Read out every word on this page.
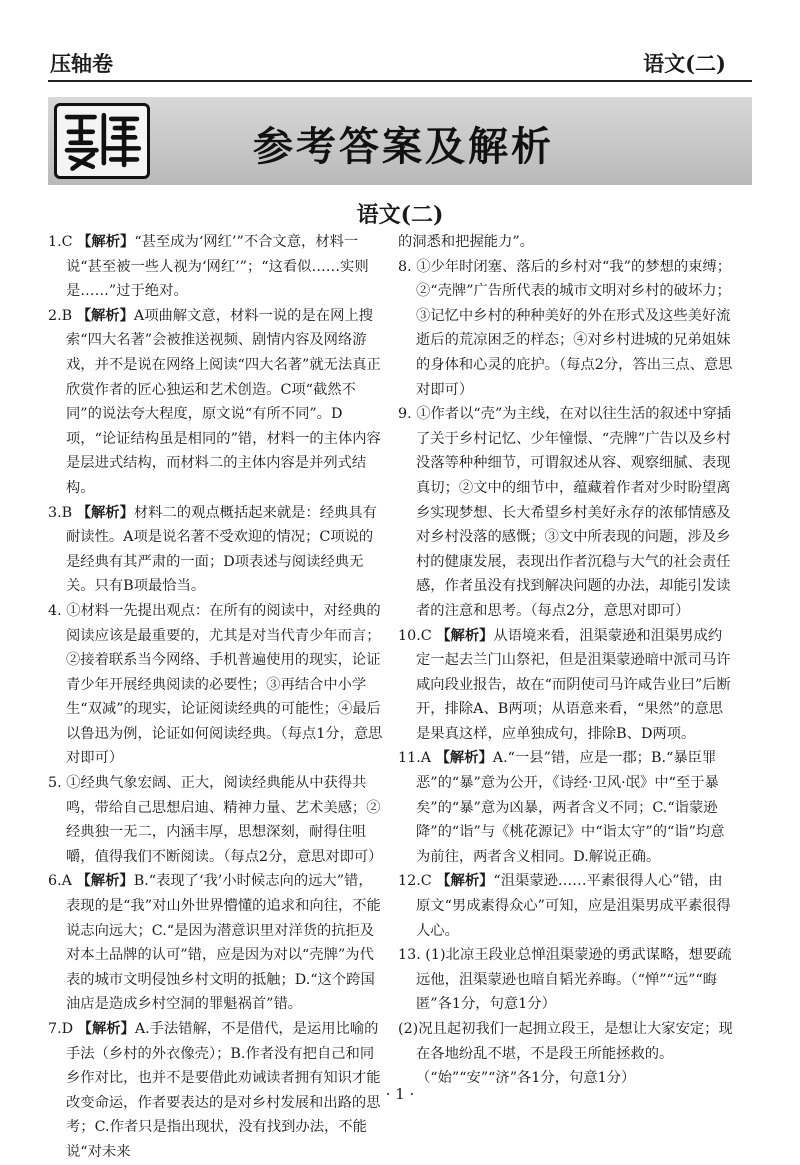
压轴卷	语文(二)
参考答案及解析
语文(二)

1.C 【解析】“甚至成为‘网红’”不合文意，材料一说“甚至被一些人视为‘网红’”；“这看似……实则是……”过于绝对。

2.B 【解析】A项曲解文意，材料一说的是在网上搜索“四大名著”会被推送视频、剧情内容及网络游戏，并不是说在网络上阅读“四大名著”就无法真正欣赏作者的匠心独运和艺术创造。C项“截然不同”的说法夸大程度，原文说“有所不同”。D项，“论证结构虽是相同的”错，材料一的主体内容是层进式结构，而材料二的主体内容是并列式结构。

3.B 【解析】材料二的观点概括起来就是：经典具有耐读性。A项是说名著不受欢迎的情况；C项说的是经典有其严肃的一面；D项表述与阅读经典无关。只有B项最恰当。

4. ①材料一先提出观点：在所有的阅读中，对经典的阅读应该是最重要的，尤其是对当代青少年而言；②接着联系当今网络、手机普遍使用的现实，论证青少年开展经典阅读的必要性；③再结合中小学生“双减”的现实，论证阅读经典的可能性；④最后以鲁迅为例，论证如何阅读经典。（每点1分，意思对即可）

5. ①经典气象宏阔、正大，阅读经典能从中获得共鸣，带给自己思想启迪、精神力量、艺术美感；②经典独一无二，内涵丰厚，思想深刻，耐得住咀嚼，值得我们不断阅读。（每点2分，意思对即可）

6.A 【解析】B.“表现了‘我’小时候志向的远大”错，表现的是“我”对山外世界懵懂的追求和向往，不能说志向远大；C.“是因为潜意识里对洋货的抗拒及对本土品牌的认可”错，应是因为对以“壳牌”为代表的城市文明侵蚀乡村文明的抵触；D.“这个跨国油店是造成乡村空洞的罪魁祸首”错。

7.D 【解析】A.手法错解，不是借代，是运用比喻的手法（乡村的外衣像壳）；B.作者没有把自己和同乡作对比，也并不是要借此劝诫读者拥有知识才能改变命运，作者要表达的是对乡村发展和出路的思考；C.作者只是指出现状，没有找到办法，不能说“对未来

的洞悉和把握能力”。

8. ①少年时闭塞、落后的乡村对“我”的梦想的束缚；②“壳牌”广告所代表的城市文明对乡村的破坏力；③记忆中乡村的种种美好的外在形式及这些美好流逝后的荒凉困乏的样态；④对乡村进城的兄弟姐妹的身体和心灵的庇护。（每点2分，答出三点、意思对即可）

9. ①作者以“壳”为主线，在对以往生活的叙述中穿插了关于乡村记忆、少年憧憬、“壳牌”广告以及乡村没落等种种细节，可谓叙述从容、观察细腻、表现真切；②文中的细节中，蕴藏着作者对少时盼望离乡实现梦想、长大希望乡村美好永存的浓郁情感及对乡村没落的感慨；③文中所表现的问题，涉及乡村的健康发展，表现出作者沉稳与大气的社会责任感，作者虽没有找到解决问题的办法，却能引发读者的注意和思考。（每点2分，意思对即可）

10.C 【解析】从语境来看，沮渠蒙逊和沮渠男成约定一起去兰门山祭祀，但是沮渠蒙逊暗中派司马许咸向段业报告，故在“而阴使司马许咸告业曰”后断开，排除A、B两项；从语意来看，“果然”的意思是果真这样，应单独成句，排除B、D两项。

11.A 【解析】A.“一县”错，应是一郡；B.“暴臣罪恶”的“暴”意为公开，《诗经·卫风·氓》中“至于暴矣”的“暴”意为凶暴，两者含义不同；C.“诣蒙逊降”的“诣”与《桃花源记》中“诣太守”的“诣”均意为前往，两者含义相同。D.解说正确。

12.C 【解析】“沮渠蒙逊……平素很得人心”错，由原文“男成素得众心”可知，应是沮渠男成平素很得人心。

13. (1)北凉王段业总惮沮渠蒙逊的勇武谋略，想要疏远他，沮渠蒙逊也暗自韬光养晦。（“惮”“远”“晦匿”各1分，句意1分）

(2)况且起初我们一起拥立段王，是想让大家安定；现在各地纷乱不堪，不是段王所能拯救的。（“始”“安”“济”各1分，句意1分）

· 1 ·
